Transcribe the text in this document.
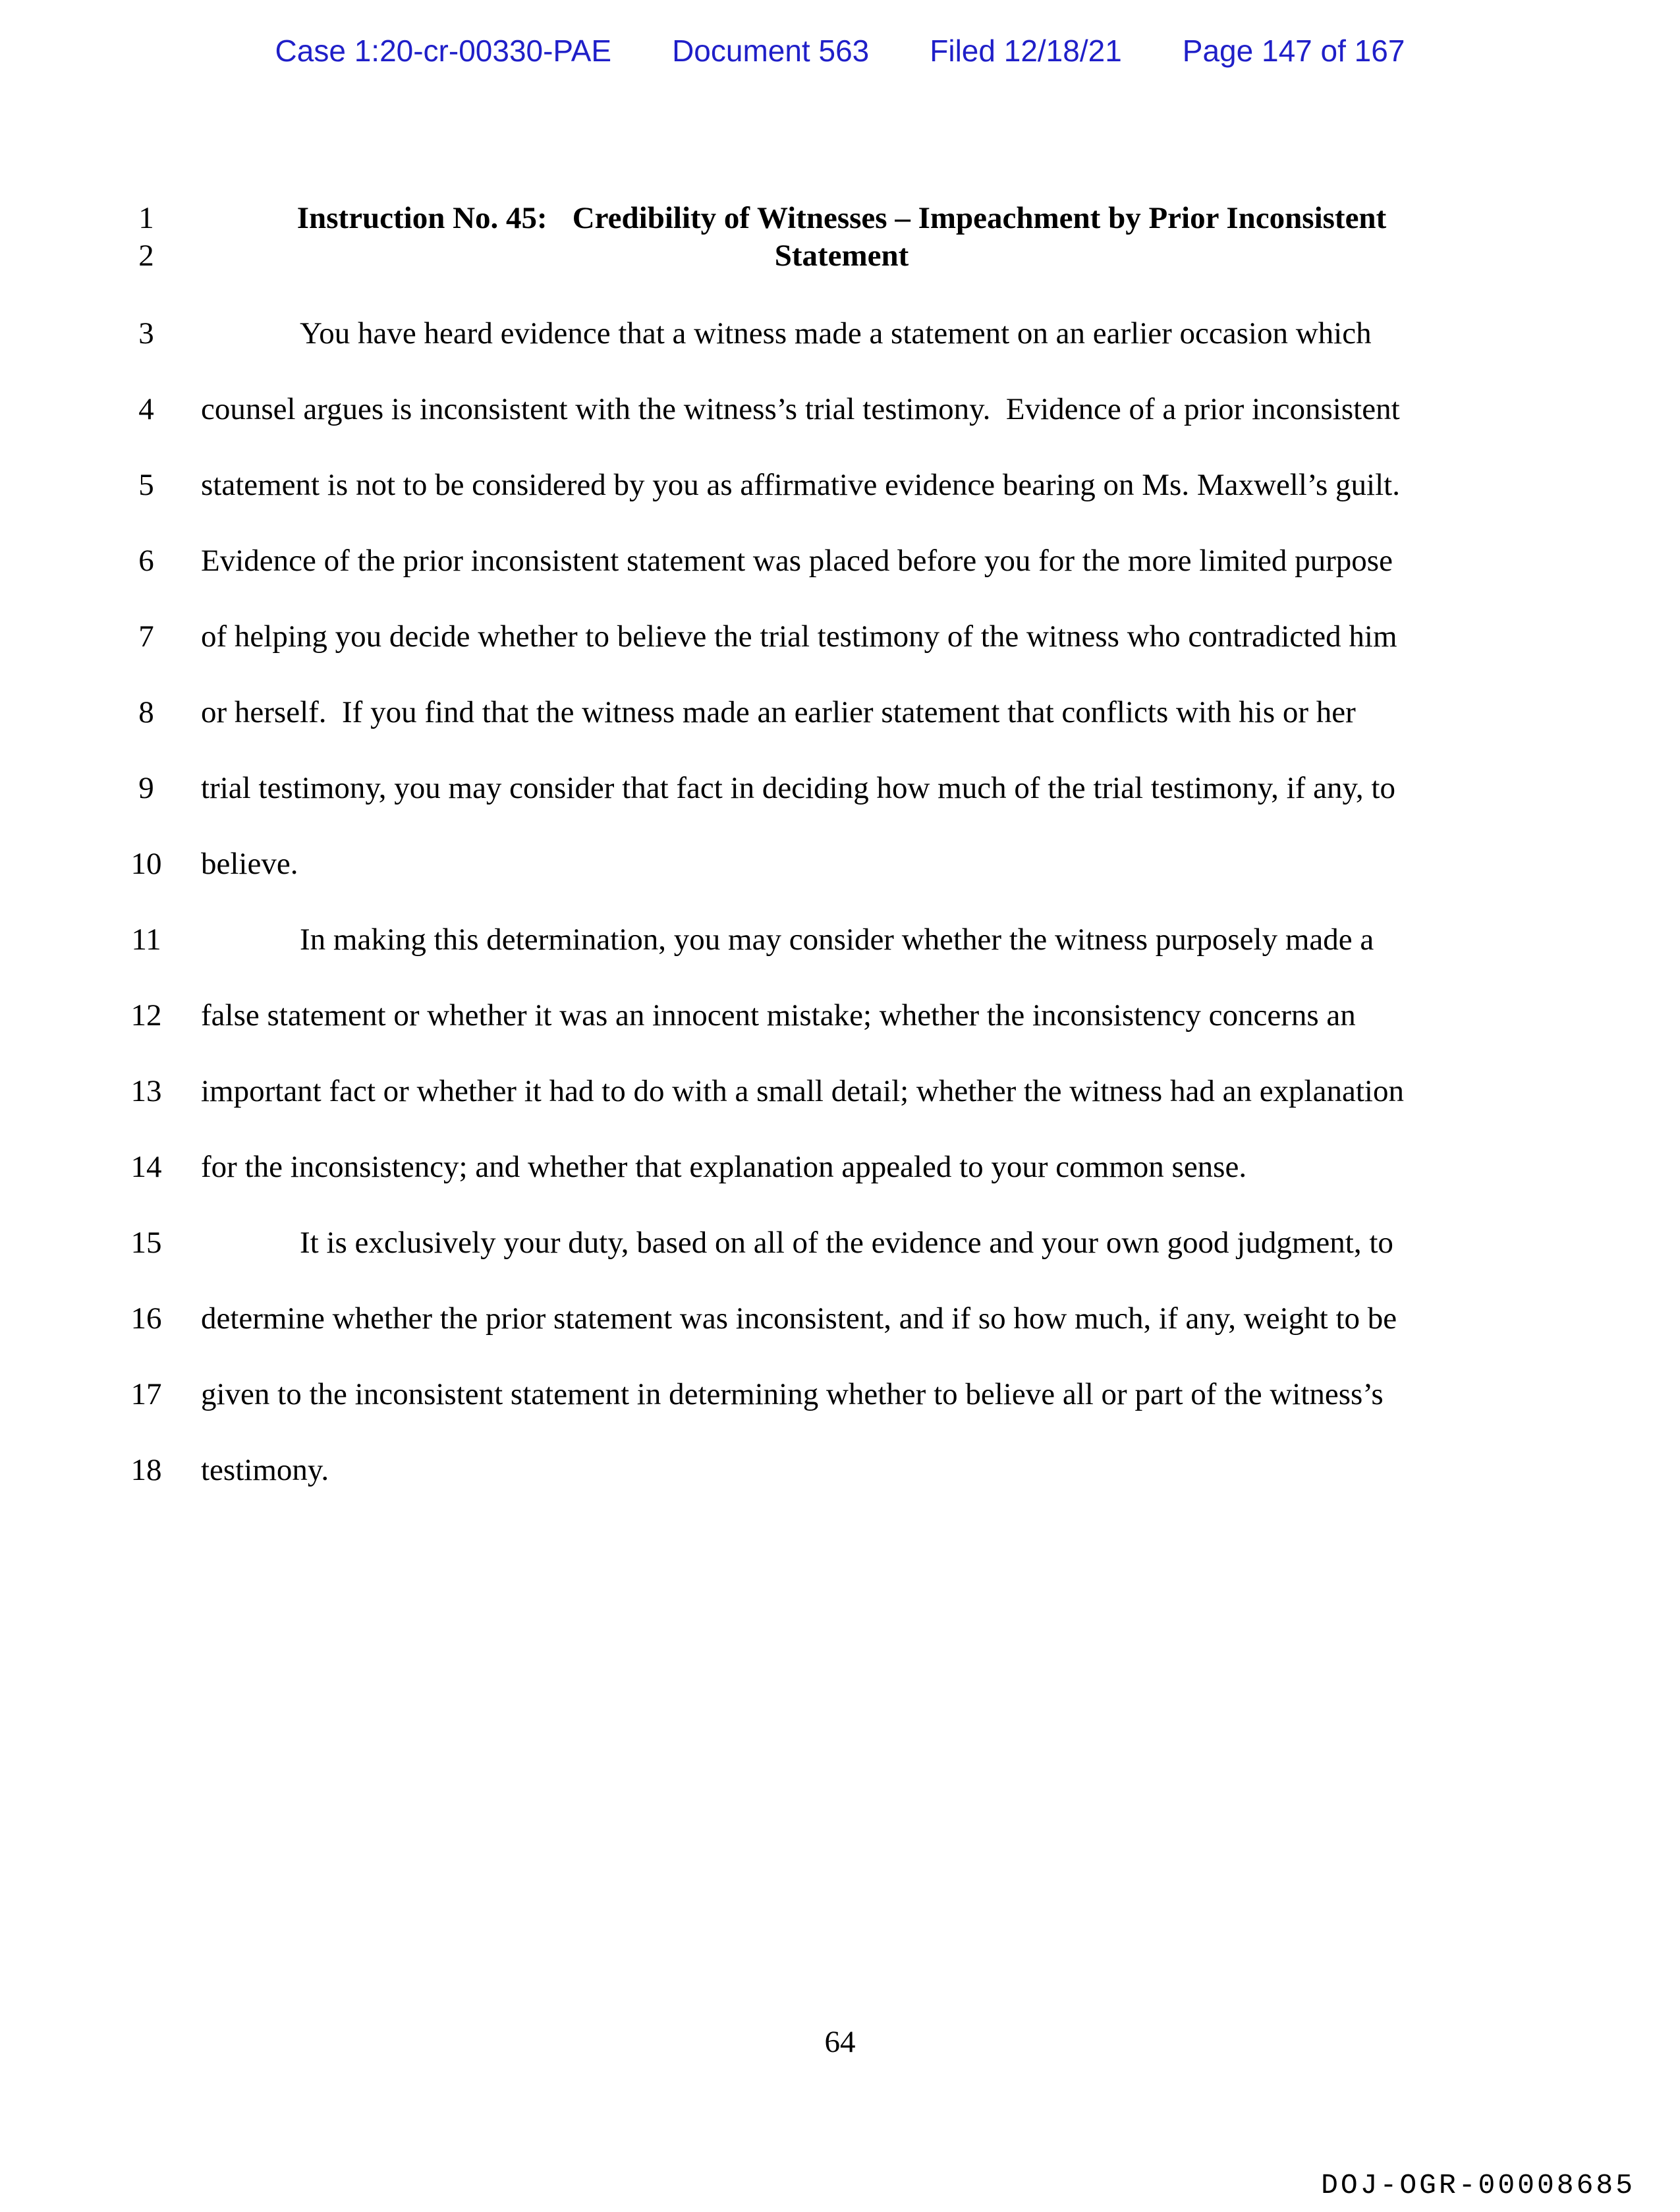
Case 1:20-cr-00330-PAE Document 563 Filed 12/18/21 Page 147 of 167
1	Instruction No. 45: Credibility of Witnesses – Impeachment by Prior Inconsistent
2	Statement
3	You have heard evidence that a witness made a statement on an earlier occasion which
4	counsel argues is inconsistent with the witness’s trial testimony.  Evidence of a prior inconsistent
5	statement is not to be considered by you as affirmative evidence bearing on Ms. Maxwell’s guilt.
6	Evidence of the prior inconsistent statement was placed before you for the more limited purpose
7	of helping you decide whether to believe the trial testimony of the witness who contradicted him
8	or herself.  If you find that the witness made an earlier statement that conflicts with his or her
9	trial testimony, you may consider that fact in deciding how much of the trial testimony, if any, to
10	believe.
11	In making this determination, you may consider whether the witness purposely made a
12	false statement or whether it was an innocent mistake; whether the inconsistency concerns an
13	important fact or whether it had to do with a small detail; whether the witness had an explanation
14	for the inconsistency; and whether that explanation appealed to your common sense.
15	It is exclusively your duty, based on all of the evidence and your own good judgment, to
16	determine whether the prior statement was inconsistent, and if so how much, if any, weight to be
17	given to the inconsistent statement in determining whether to believe all or part of the witness’s
18	testimony.
64
DOJ-OGR-00008685
